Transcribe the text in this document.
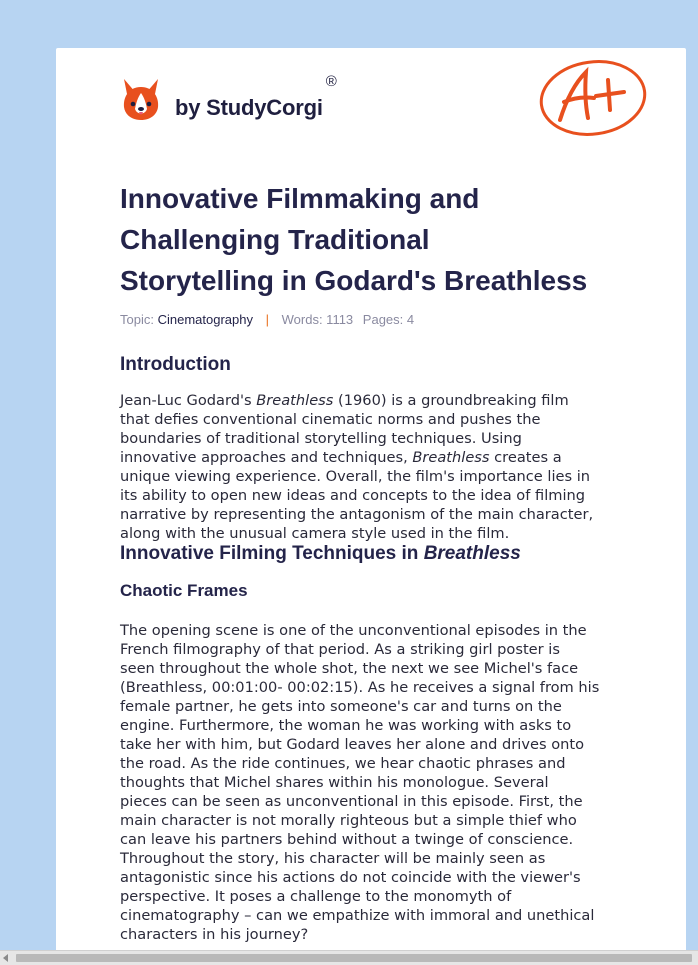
by StudyCorgi
®
Innovative Filmmaking and
Challenging Traditional
Storytelling in Godard's Breathless
Topic: Cinematography | Words: 1113 Pages: 4
Introduction

Jean-Luc Godard's Breathless (1960) is a groundbreaking film
that defies conventional cinematic norms and pushes the
boundaries of traditional storytelling techniques. Using
innovative approaches and techniques, Breathless creates a
unique viewing experience. Overall, the film's importance lies in
its ability to open new ideas and concepts to the idea of filming
narrative by representing the antagonism of the main character,
along with the unusual camera style used in the film.

Innovative Filming Techniques in Breathless
Chaotic Frames

The opening scene is one of the unconventional episodes in the
French filmography of that period. As a striking girl poster is
seen throughout the whole shot, the next we see Michel's face
(Breathless, 00:01:00- 00:02:15). As he receives a signal from his
female partner, he gets into someone's car and turns on the
engine. Furthermore, the woman he was working with asks to
take her with him, but Godard leaves her alone and drives onto
the road. As the ride continues, we hear chaotic phrases and
thoughts that Michel shares within his monologue. Several
pieces can be seen as unconventional in this episode. First, the
main character is not morally righteous but a simple thief who
can leave his partners behind without a twinge of conscience.
Throughout the story, his character will be mainly seen as
antagonistic since his actions do not coincide with the viewer's
perspective. It poses a challenge to the monomyth of
cinematography – can we empathize with immoral and unethical
characters in his journey?
